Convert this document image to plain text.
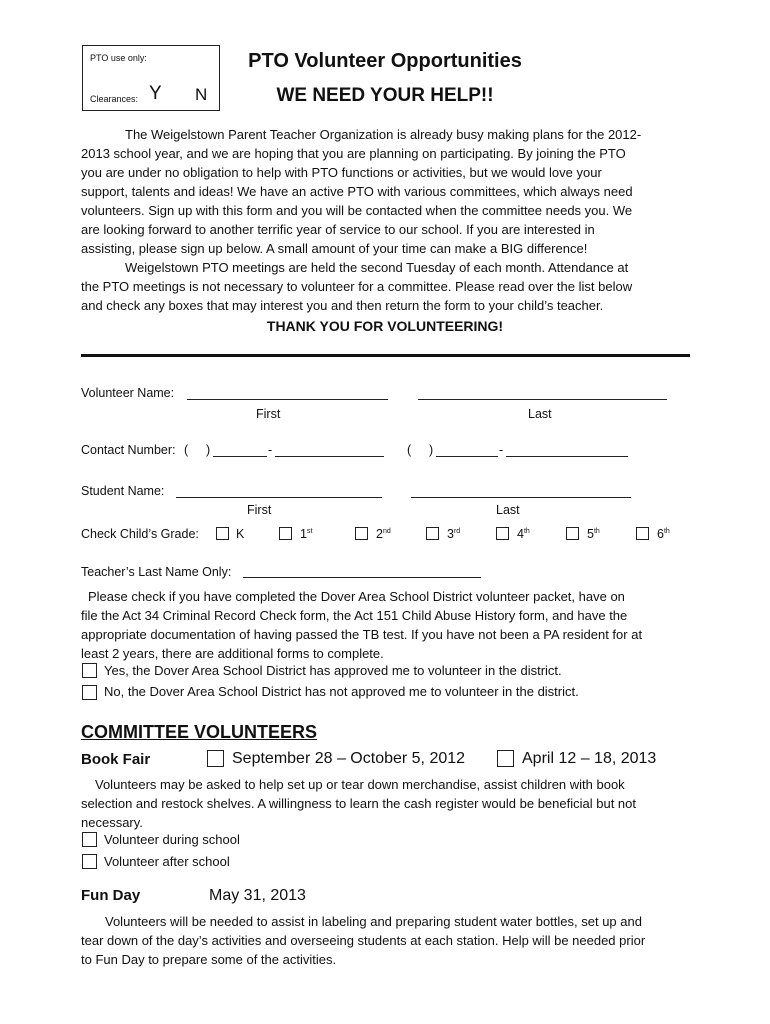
PTO use only:
Clearances: Y N
PTO Volunteer Opportunities
WE NEED YOUR HELP!!
The Weigelstown Parent Teacher Organization is already busy making plans for the 2012-
2013 school year, and we are hoping that you are planning on participating. By joining the PTO
you are under no obligation to help with PTO functions or activities, but we would love your
support, talents and ideas! We have an active PTO with various committees, which always need
volunteers. Sign up with this form and you will be contacted when the committee needs you. We
are looking forward to another terrific year of service to our school. If you are interested in
assisting, please sign up below. A small amount of your time can make a BIG difference!
Weigelstown PTO meetings are held the second Tuesday of each month. Attendance at
the PTO meetings is not necessary to volunteer for a committee. Please read over the list below
and check any boxes that may interest you and then return the form to your child’s teacher.
THANK YOU FOR VOLUNTEERING!
Volunteer Name:
First	Last
Contact Number: ( )	-	( )	-
Student Name:
First	Last
Check Child’s Grade:	K	1st	2nd	3rd	4th	5th	6th
Teacher’s Last Name Only:
Please check if you have completed the Dover Area School District volunteer packet, have on
file the Act 34 Criminal Record Check form, the Act 151 Child Abuse History form, and have the
appropriate documentation of having passed the TB test. If you have not been a PA resident for at
least 2 years, there are additional forms to complete.
Yes, the Dover Area School District has approved me to volunteer in the district.
No, the Dover Area School District has not approved me to volunteer in the district.
COMMITTEE VOLUNTEERS
Book Fair	September 28 – October 5, 2012	April 12 – 18, 2013
Volunteers may be asked to help set up or tear down merchandise, assist children with book
selection and restock shelves. A willingness to learn the cash register would be beneficial but not
necessary.
Volunteer during school
Volunteer after school
Fun Day	May 31, 2013
Volunteers will be needed to assist in labeling and preparing student water bottles, set up and
tear down of the day’s activities and overseeing students at each station. Help will be needed prior
to Fun Day to prepare some of the activities.
